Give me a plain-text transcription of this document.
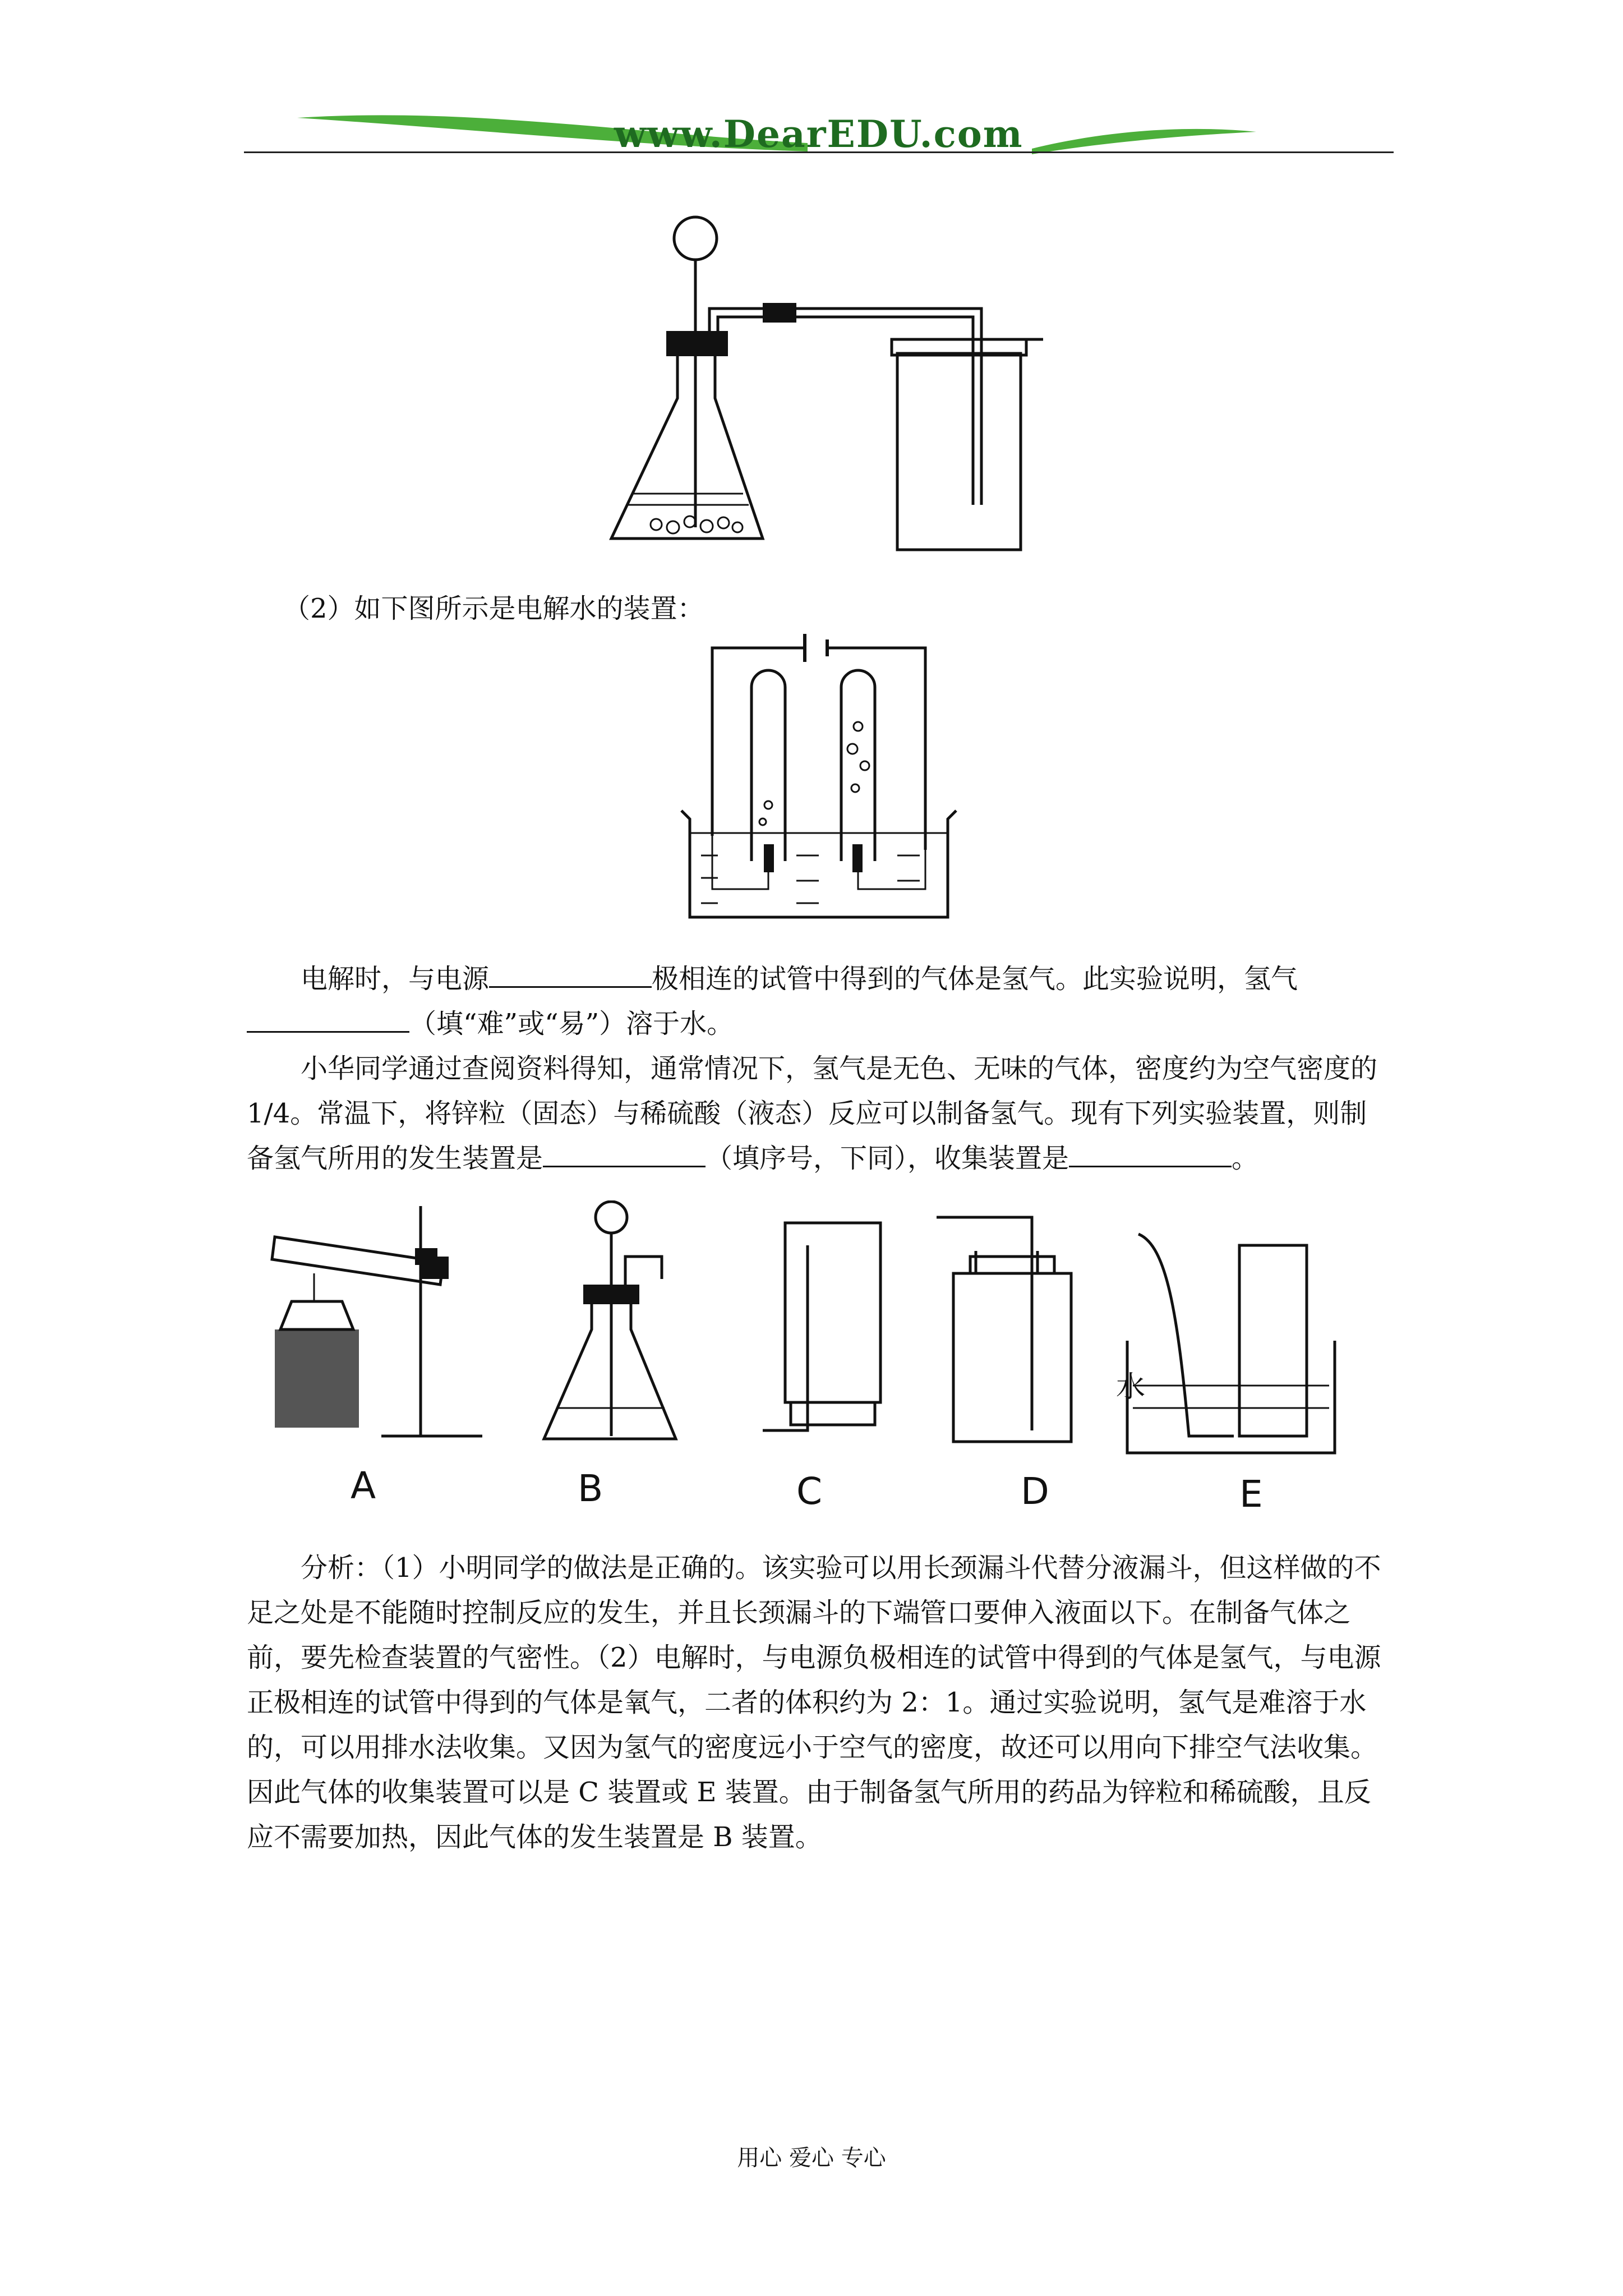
www.DearEDU.com

（2）如下图所示是电解水的装置：

电解时，与电源	极相连的试管中得到的气体是氢气。此实验说明，氢气
（填“难”或“易”）溶于水。
小华同学通过查阅资料得知，通常情况下，氢气是无色、无味的气体，密度约为空气密度的 1/4。常温下，将锌粒（固态）与稀硫酸（液态）反应可以制备氢气。现有下列实验装置，则制备氢气所用的发生装置是	（填序号，下同），收集装置是	。
A	B	C	D	E
水
分析：（1）小明同学的做法是正确的。该实验可以用长颈漏斗代替分液漏斗，但这样做的不足之处是不能随时控制反应的发生，并且长颈漏斗的下端管口要伸入液面以下。在制备气体之前，要先检查装置的气密性。（2）电解时，与电源负极相连的试管中得到的气体是氢气，与电源正极相连的试管中得到的气体是氧气，二者的体积约为 2：1。通过实验说明，氢气是难溶于水的，可以用排水法收集。又因为氢气的密度远小于空气的密度，故还可以用向下排空气法收集。因此气体的收集装置可以是 C 装置或 E 装置。由于制备氢气所用的药品为锌粒和稀硫酸，且反应不需要加热，因此气体的发生装置是 B 装置。
用心 爱心 专心
